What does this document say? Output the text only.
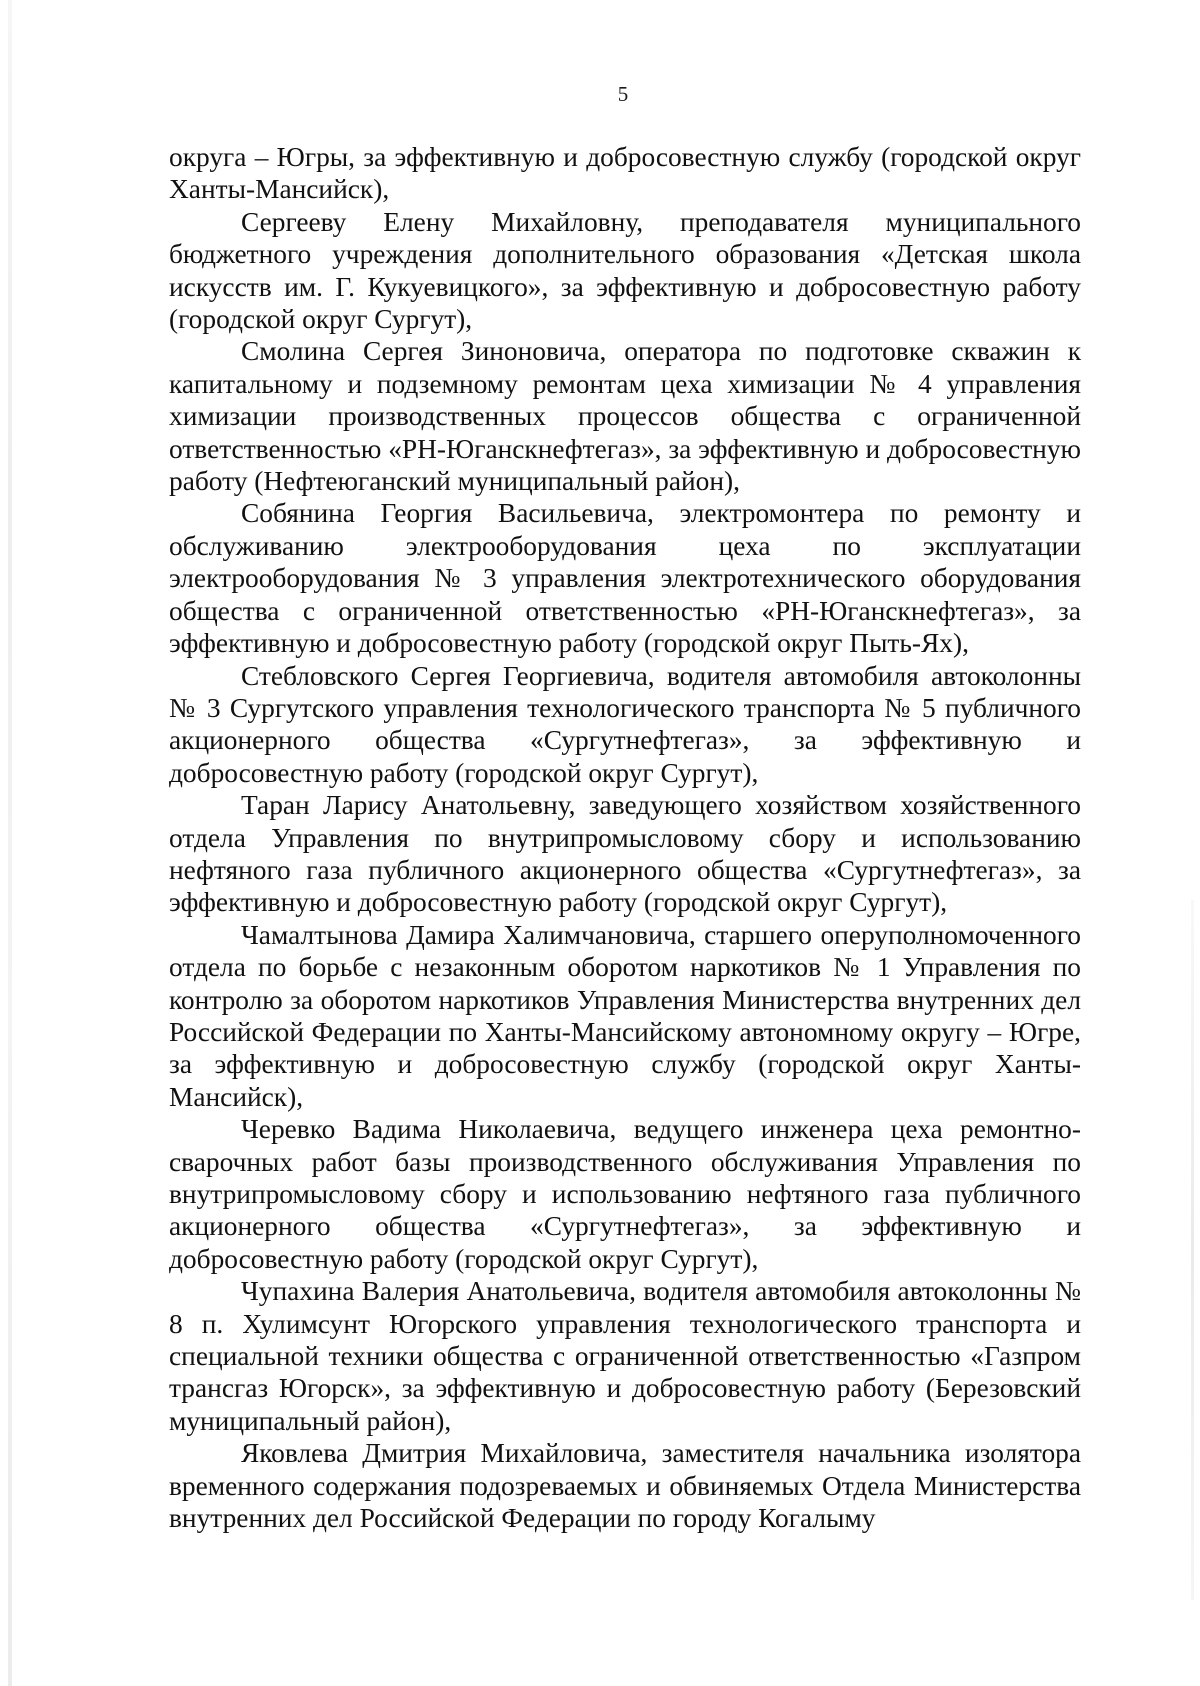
5

округа – Югры, за эффективную и добросовестную службу (городской округ Ханты-Мансийск),

Сергееву Елену Михайловну, преподавателя муниципального бюджетного учреждения дополнительного образования «Детская школа искусств им. Г. Кукуевицкого», за эффективную и добросовестную работу (городской округ Сургут),

Смолина Сергея Зиноновича, оператора по подготовке скважин к капитальному и подземному ремонтам цеха химизации № 4 управления химизации производственных процессов общества с ограниченной ответственностью «РН-Юганскнефтегаз», за эффективную и добросовестную работу (Нефтеюганский муниципальный район),

Собянина Георгия Васильевича, электромонтера по ремонту и обслуживанию электрооборудования цеха по эксплуатации электрооборудования № 3 управления электротехнического оборудования общества с ограниченной ответственностью «РН-Юганскнефтегаз», за эффективную и добросовестную работу (городской округ Пыть-Ях),

Стебловского Сергея Георгиевича, водителя автомобиля автоколонны № 3 Сургутского управления технологического транспорта № 5 публичного акционерного общества «Сургутнефтегаз», за эффективную и добросовестную работу (городской округ Сургут),

Таран Ларису Анатольевну, заведующего хозяйством хозяйственного отдела Управления по внутрипромысловому сбору и использованию нефтяного газа публичного акционерного общества «Сургутнефтегаз», за эффективную и добросовестную работу (городской округ Сургут),

Чамалтынова Дамира Халимчановича, старшего оперуполномоченного отдела по борьбе с незаконным оборотом наркотиков № 1 Управления по контролю за оборотом наркотиков Управления Министерства внутренних дел Российской Федерации по Ханты-Мансийскому автономному округу – Югре, за эффективную и добросовестную службу (городской округ Ханты-Мансийск),

Черевко Вадима Николаевича, ведущего инженера цеха ремонтно-сварочных работ базы производственного обслуживания Управления по внутрипромысловому сбору и использованию нефтяного газа публичного акционерного общества «Сургутнефтегаз», за эффективную и добросовестную работу (городской округ Сургут),

Чупахина Валерия Анатольевича, водителя автомобиля автоколонны № 8 п. Хулимсунт Югорского управления технологического транспорта и специальной техники общества с ограниченной ответственностью «Газпром трансгаз Югорск», за эффективную и добросовестную работу (Березовский муниципальный район),

Яковлева Дмитрия Михайловича, заместителя начальника изолятора временного содержания подозреваемых и обвиняемых Отдела Министерства внутренних дел Российской Федерации по городу Когалыму
